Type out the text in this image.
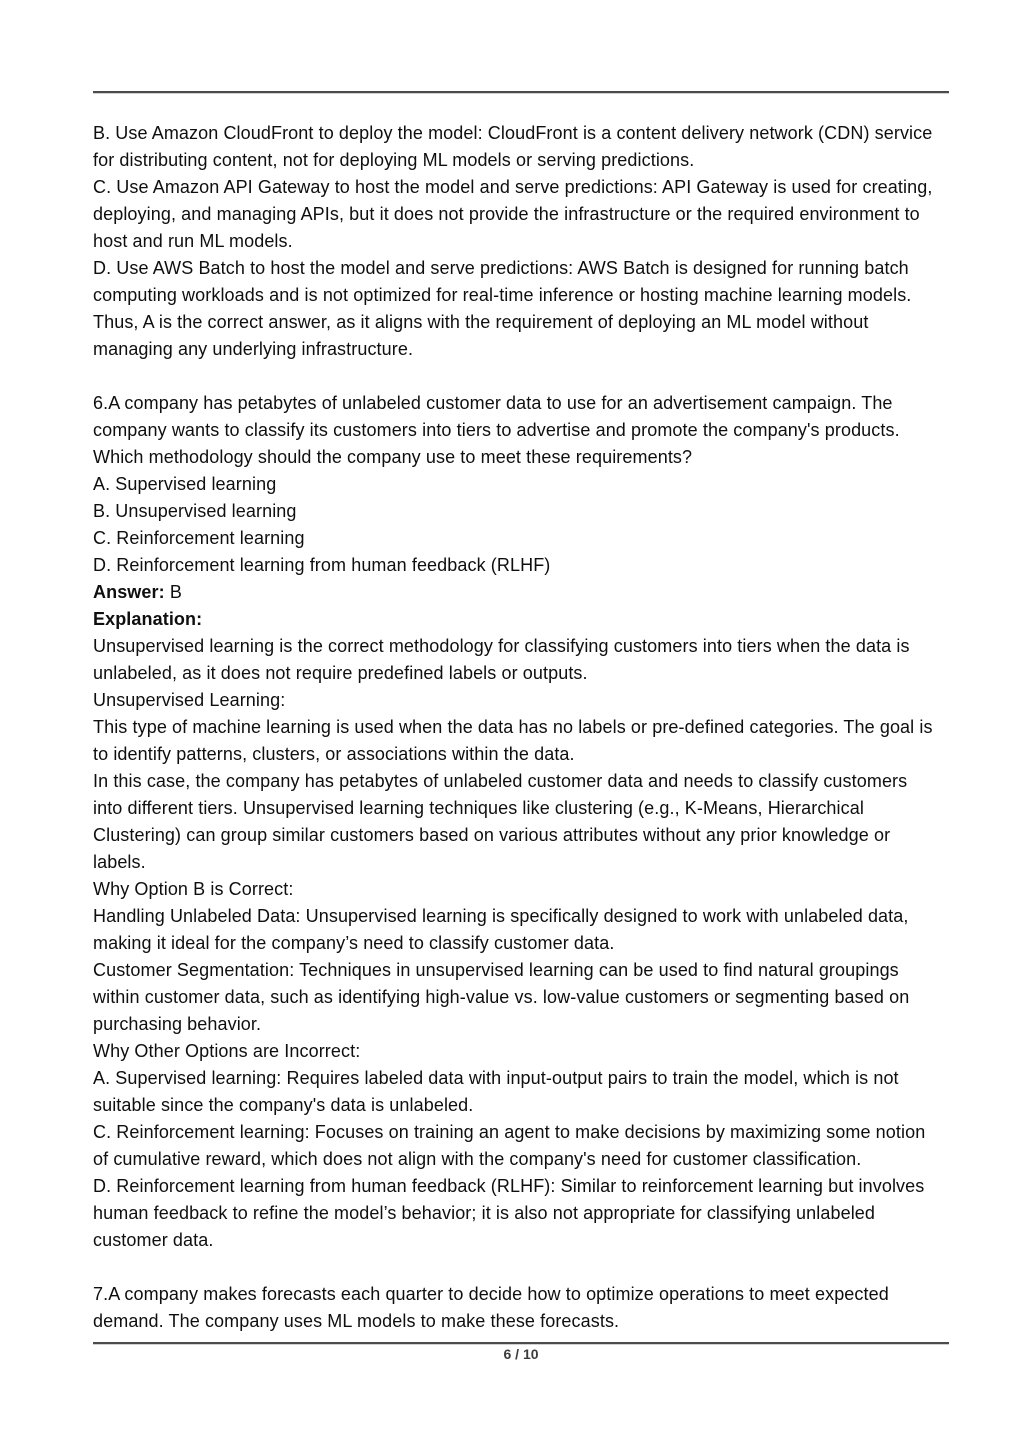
B. Use Amazon CloudFront to deploy the model: CloudFront is a content delivery network (CDN) service for distributing content, not for deploying ML models or serving predictions.

C. Use Amazon API Gateway to host the model and serve predictions: API Gateway is used for creating, deploying, and managing APIs, but it does not provide the infrastructure or the required environment to host and run ML models.

D. Use AWS Batch to host the model and serve predictions: AWS Batch is designed for running batch computing workloads and is not optimized for real-time inference or hosting machine learning models.

Thus, A is the correct answer, as it aligns with the requirement of deploying an ML model without managing any underlying infrastructure.

6.A company has petabytes of unlabeled customer data to use for an advertisement campaign. The company wants to classify its customers into tiers to advertise and promote the company's products. Which methodology should the company use to meet these requirements?

A. Supervised learning

B. Unsupervised learning

C. Reinforcement learning

D. Reinforcement learning from human feedback (RLHF)

Answer: B

Explanation:

Unsupervised learning is the correct methodology for classifying customers into tiers when the data is unlabeled, as it does not require predefined labels or outputs.

Unsupervised Learning:

This type of machine learning is used when the data has no labels or pre-defined categories. The goal is to identify patterns, clusters, or associations within the data.

In this case, the company has petabytes of unlabeled customer data and needs to classify customers into different tiers. Unsupervised learning techniques like clustering (e.g., K-Means, Hierarchical Clustering) can group similar customers based on various attributes without any prior knowledge or labels.

Why Option B is Correct:

Handling Unlabeled Data: Unsupervised learning is specifically designed to work with unlabeled data, making it ideal for the company’s need to classify customer data.

Customer Segmentation: Techniques in unsupervised learning can be used to find natural groupings within customer data, such as identifying high-value vs. low-value customers or segmenting based on purchasing behavior.

Why Other Options are Incorrect:

A. Supervised learning: Requires labeled data with input-output pairs to train the model, which is not suitable since the company's data is unlabeled.

C. Reinforcement learning: Focuses on training an agent to make decisions by maximizing some notion of cumulative reward, which does not align with the company's need for customer classification.

D. Reinforcement learning from human feedback (RLHF): Similar to reinforcement learning but involves human feedback to refine the model’s behavior; it is also not appropriate for classifying unlabeled customer data.

7.A company makes forecasts each quarter to decide how to optimize operations to meet expected demand. The company uses ML models to make these forecasts.

6 / 10
